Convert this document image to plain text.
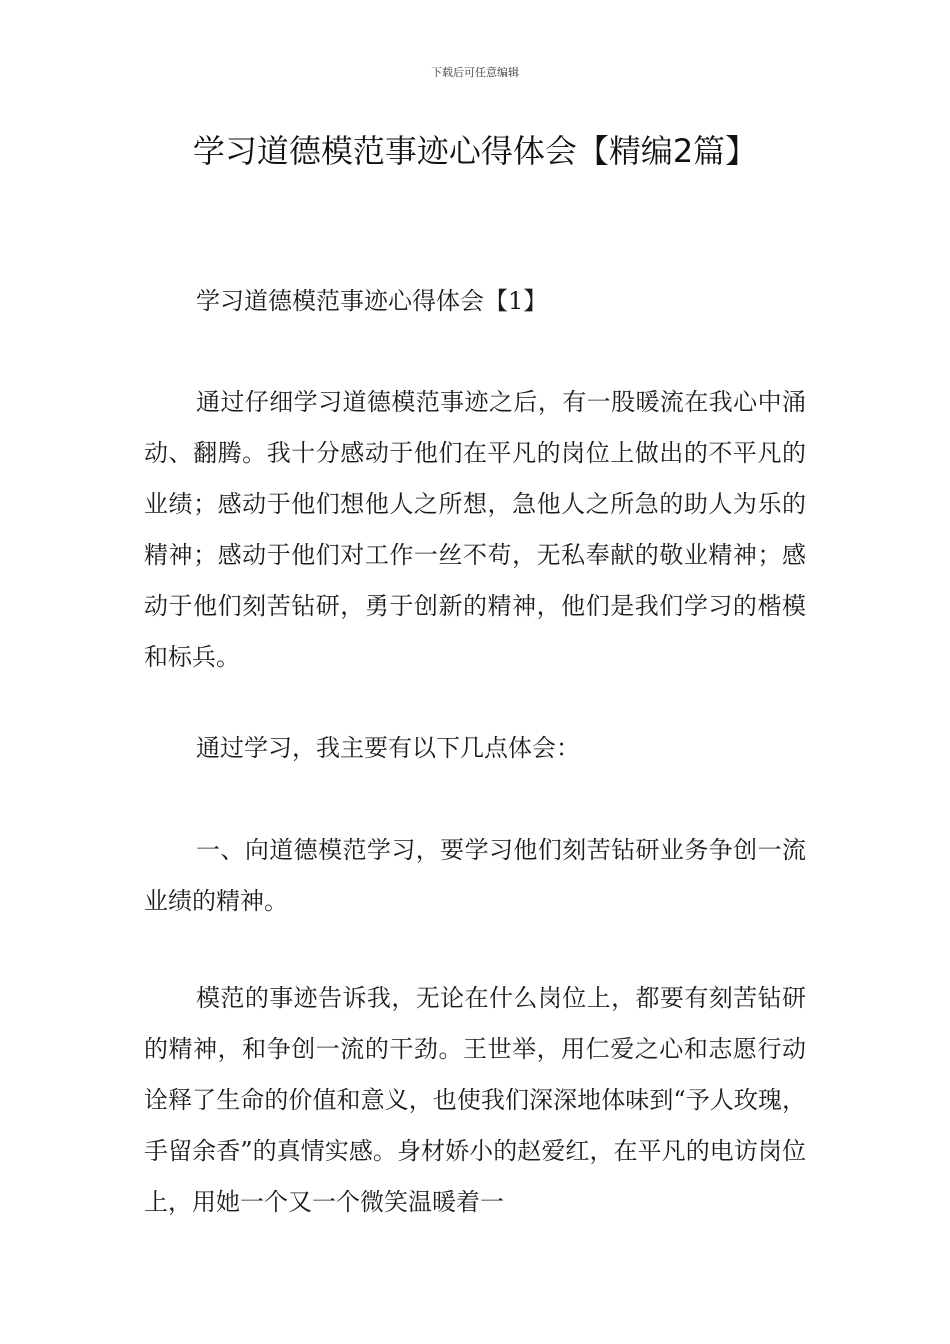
下载后可任意编辑
学习道德模范事迹心得体会【精编2篇】

学习道德模范事迹心得体会【1】

通过仔细学习道德模范事迹之后，有一股暖流在我心中涌动、翻腾。我十分感动于他们在平凡的岗位上做出的不平凡的业绩；感动于他们想他人之所想，急他人之所急的助人为乐的精神；感动于他们对工作一丝不苟，无私奉献的敬业精神；感动于他们刻苦钻研，勇于创新的精神，他们是我们学习的楷模和标兵。

通过学习，我主要有以下几点体会：

一、向道德模范学习，要学习他们刻苦钻研业务争创一流业绩的精神。

模范的事迹告诉我，无论在什么岗位上，都要有刻苦钻研的精神，和争创一流的干劲。王世举，用仁爱之心和志愿行动诠释了生命的价值和意义，也使我们深深地体味到“予人玫瑰，手留余香”的真情实感。身材娇小的赵爱红，在平凡的电访岗位上，用她一个又一个微笑温暖着一
